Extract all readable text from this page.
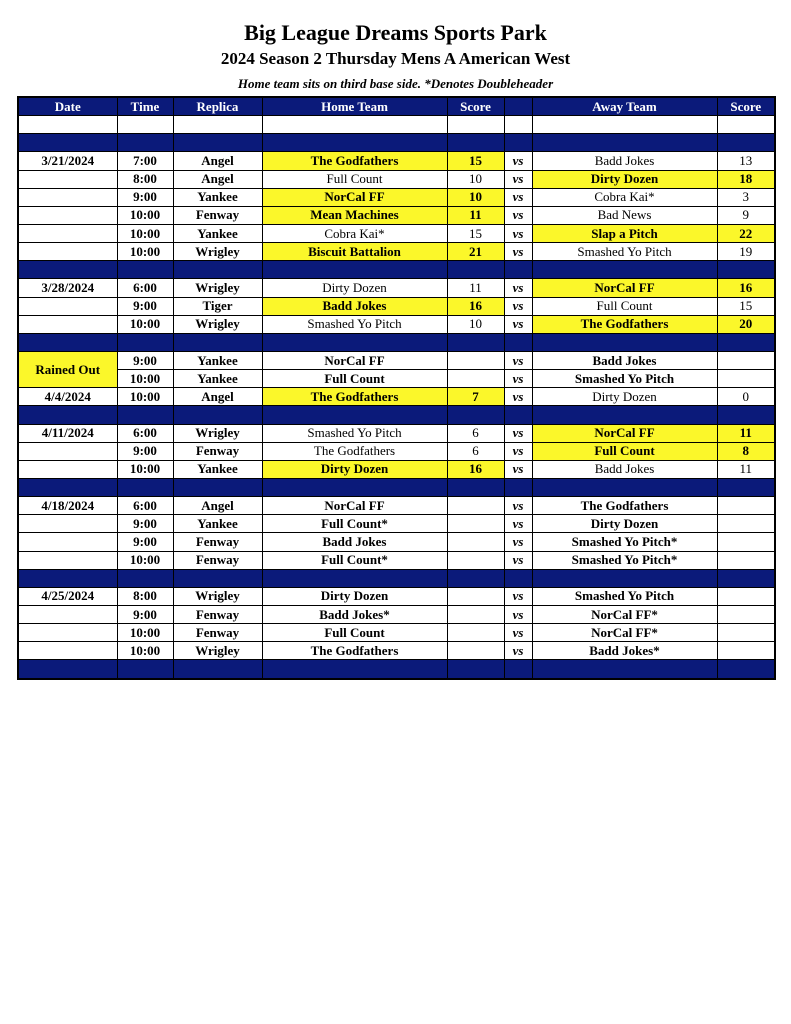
Big League Dreams Sports Park
2024 Season 2 Thursday Mens A American West
Home team sits on third base side. *Denotes Doubleheader
Date	Time	Replica	Home Team	Score		Away Team	Score

3/21/2024	7:00	Angel	The Godfathers	15	vs	Badd Jokes	13
	8:00	Angel	Full Count	10	vs	Dirty Dozen	18
	9:00	Yankee	NorCal FF	10	vs	Cobra Kai*	3
	10:00	Fenway	Mean Machines	11	vs	Bad News	9
	10:00	Yankee	Cobra Kai*	15	vs	Slap a Pitch	22
	10:00	Wrigley	Biscuit Battalion	21	vs	Smashed Yo Pitch	19

3/28/2024	6:00	Wrigley	Dirty Dozen	11	vs	NorCal FF	16
	9:00	Tiger	Badd Jokes	16	vs	Full Count	15
	10:00	Wrigley	Smashed Yo Pitch	10	vs	The Godfathers	20

Rained Out	9:00	Yankee	NorCal FF		vs	Badd Jokes	
	10:00	Yankee	Full Count		vs	Smashed Yo Pitch	
4/4/2024	10:00	Angel	The Godfathers	7	vs	Dirty Dozen	0

4/11/2024	6:00	Wrigley	Smashed Yo Pitch	6	vs	NorCal FF	11
	9:00	Fenway	The Godfathers	6	vs	Full Count	8
	10:00	Yankee	Dirty Dozen	16	vs	Badd Jokes	11

4/18/2024	6:00	Angel	NorCal FF		vs	The Godfathers	
	9:00	Yankee	Full Count*		vs	Dirty Dozen	
	9:00	Fenway	Badd Jokes		vs	Smashed Yo Pitch*	
	10:00	Fenway	Full Count*		vs	Smashed Yo Pitch*	

4/25/2024	8:00	Wrigley	Dirty Dozen		vs	Smashed Yo Pitch	
	9:00	Fenway	Badd Jokes*		vs	NorCal FF*	
	10:00	Fenway	Full Count		vs	NorCal FF*	
	10:00	Wrigley	The Godfathers		vs	Badd Jokes*	
